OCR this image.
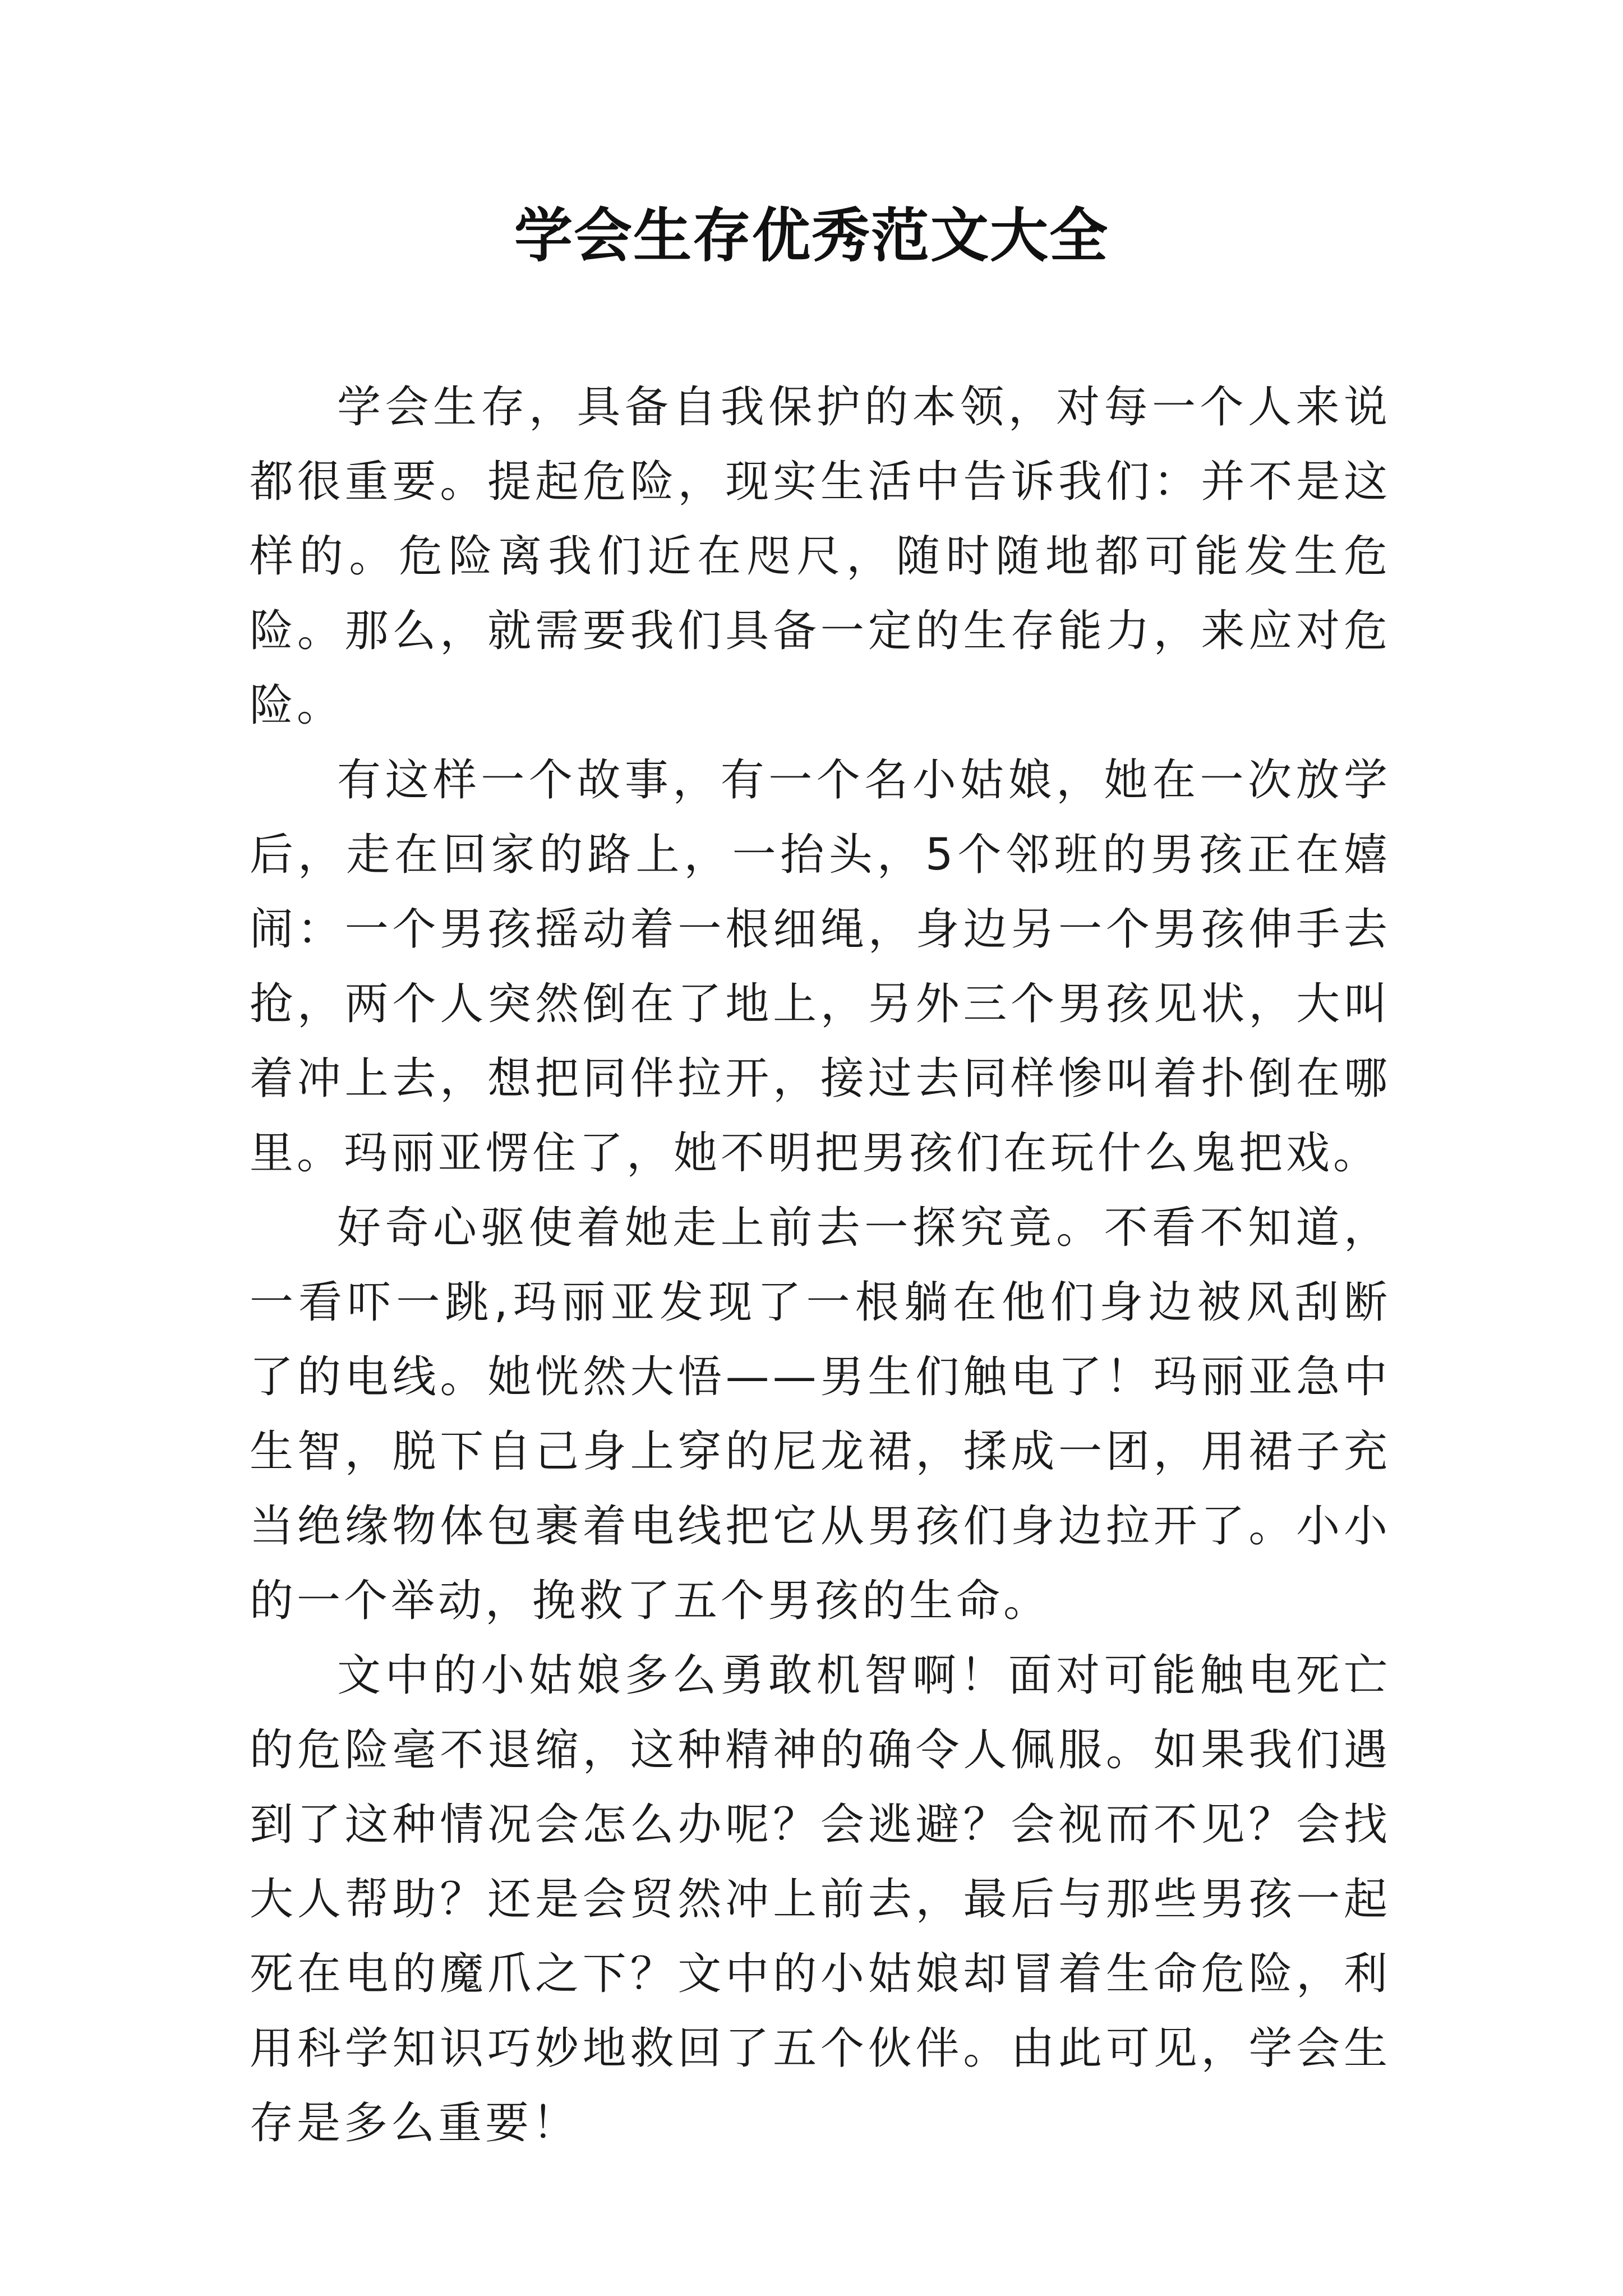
学会生存优秀范文大全

学会生存，具备自我保护的本领，对每一个人来说都很重要。提起危险，现实生活中告诉我们：并不是这样的。危险离我们近在咫尺，随时随地都可能发生危险。那么，就需要我们具备一定的生存能力，来应对危险。

有这样一个故事，有一个名小姑娘，她在一次放学后，走在回家的路上，一抬头，5个邻班的男孩正在嬉闹：一个男孩摇动着一根细绳，身边另一个男孩伸手去抢，两个人突然倒在了地上，另外三个男孩见状，大叫着冲上去，想把同伴拉开，接过去同样惨叫着扑倒在哪里。玛丽亚愣住了，她不明把男孩们在玩什么鬼把戏。

好奇心驱使着她走上前去一探究竟。不看不知道，一看吓一跳,玛丽亚发现了一根躺在他们身边被风刮断了的电线。她恍然大悟——男生们触电了！玛丽亚急中生智，脱下自己身上穿的尼龙裙，揉成一团，用裙子充当绝缘物体包裹着电线把它从男孩们身边拉开了。小小的一个举动，挽救了五个男孩的生命。

文中的小姑娘多么勇敢机智啊！面对可能触电死亡的危险毫不退缩，这种精神的确令人佩服。如果我们遇到了这种情况会怎么办呢？会逃避？会视而不见？会找大人帮助？还是会贸然冲上前去，最后与那些男孩一起死在电的魔爪之下？文中的小姑娘却冒着生命危险，利用科学知识巧妙地救回了五个伙伴。由此可见，学会生存是多么重要！
